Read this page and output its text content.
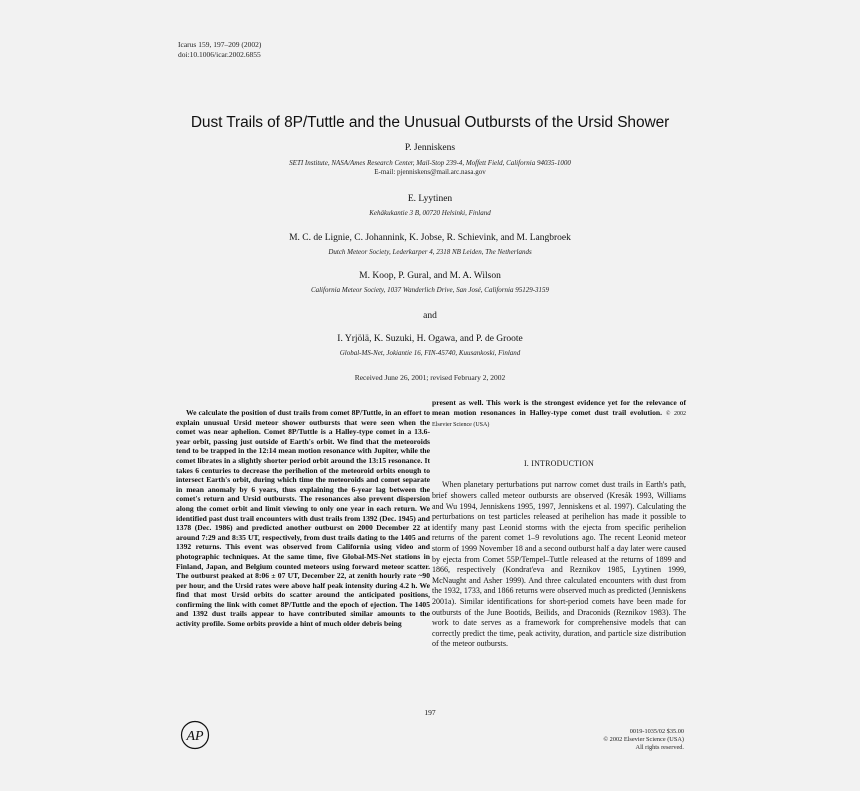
Icarus 159, 197–209 (2002)
doi:10.1006/icar.2002.6855
Dust Trails of 8P/Tuttle and the Unusual Outbursts of the Ursid Shower
P. Jenniskens
SETI Institute, NASA/Ames Research Center, Mail-Stop 239-4, Moffett Field, California 94035-1000
E-mail: pjenniskens@mail.arc.nasa.gov
E. Lyytinen
Kehäkukantie 3 B, 00720 Helsinki, Finland
M. C. de Lignie, C. Johannink, K. Jobse, R. Schievink, and M. Langbroek
Dutch Meteor Society, Lederkarper 4, 2318 NB Leiden, The Netherlands
M. Koop, P. Gural, and M. A. Wilson
California Meteor Society, 1037 Wanderlich Drive, San José, California 95129-3159
and
I. Yrjölä, K. Suzuki, H. Ogawa, and P. de Groote
Global-MS-Net, Jokiantie 16, FIN-45740, Kuusankoski, Finland
Received June 26, 2001; revised February 2, 2002

We calculate the position of dust trails from comet 8P/Tuttle, in an effort to explain unusual Ursid meteor shower outbursts that were seen when the comet was near aphelion. Comet 8P/Tuttle is a Halley-type comet in a 13.6-year orbit, passing just outside of Earth's orbit. We find that the meteoroids tend to be trapped in the 12:14 mean motion resonance with Jupiter, while the comet librates in a slightly shorter period orbit around the 13:15 resonance. It takes 6 centuries to decrease the perihelion of the meteoroid orbits enough to intersect Earth's orbit, during which time the meteoroids and comet separate in mean anomaly by 6 years, thus explaining the 6-year lag between the comet's return and Ursid outbursts. The resonances also prevent dispersion along the comet orbit and limit viewing to only one year in each return. We identified past dust trail encounters with dust trails from 1392 (Dec. 1945) and 1378 (Dec. 1986) and predicted another outburst on 2000 December 22 at around 7:29 and 8:35 UT, respectively, from dust trails dating to the 1405 and 1392 returns. This event was observed from California using video and photographic techniques. At the same time, five Global-MS-Net stations in Finland, Japan, and Belgium counted meteors using forward meteor scatter. The outburst peaked at 8:06 ± 07 UT, December 22, at zenith hourly rate ~90 per hour, and the Ursid rates were above half peak intensity during 4.2 h. We find that most Ursid orbits do scatter around the anticipated positions, confirming the link with comet 8P/Tuttle and the epoch of ejection. The 1405 and 1392 dust trails appear to have contributed similar amounts to the activity profile. Some orbits provide a hint of much older debris being

present as well. This work is the strongest evidence yet for the relevance of mean motion resonances in Halley-type comet dust trail evolution. © 2002 Elsevier Science (USA)

I. INTRODUCTION

When planetary perturbations put narrow comet dust trails in Earth's path, brief showers called meteor outbursts are observed (Kresák 1993, Williams and Wu 1994, Jenniskens 1995, 1997, Jenniskens et al. 1997). Calculating the perturbations on test particles released at perihelion has made it possible to identify many past Leonid storms with the ejecta from specific perihelion returns of the parent comet 1–9 revolutions ago. The recent Leonid meteor storm of 1999 November 18 and a second outburst half a day later were caused by ejecta from Comet 55P/Tempel–Tuttle released at the returns of 1899 and 1866, respectively (Kondrat'eva and Reznikov 1985, Lyytinen 1999, McNaught and Asher 1999). And three calculated encounters with dust from the 1932, 1733, and 1866 returns were observed much as predicted (Jenniskens 2001a). Similar identifications for short-period comets have been made for outbursts of the June Bootids, Beilids, and Draconids (Reznikov 1983). The work to date serves as a framework for comprehensive models that can correctly predict the time, peak activity, duration, and particle size distribution of the meteor outbursts.

197
AP	0019-1035/02 $35.00
© 2002 Elsevier Science (USA)
All rights reserved.
